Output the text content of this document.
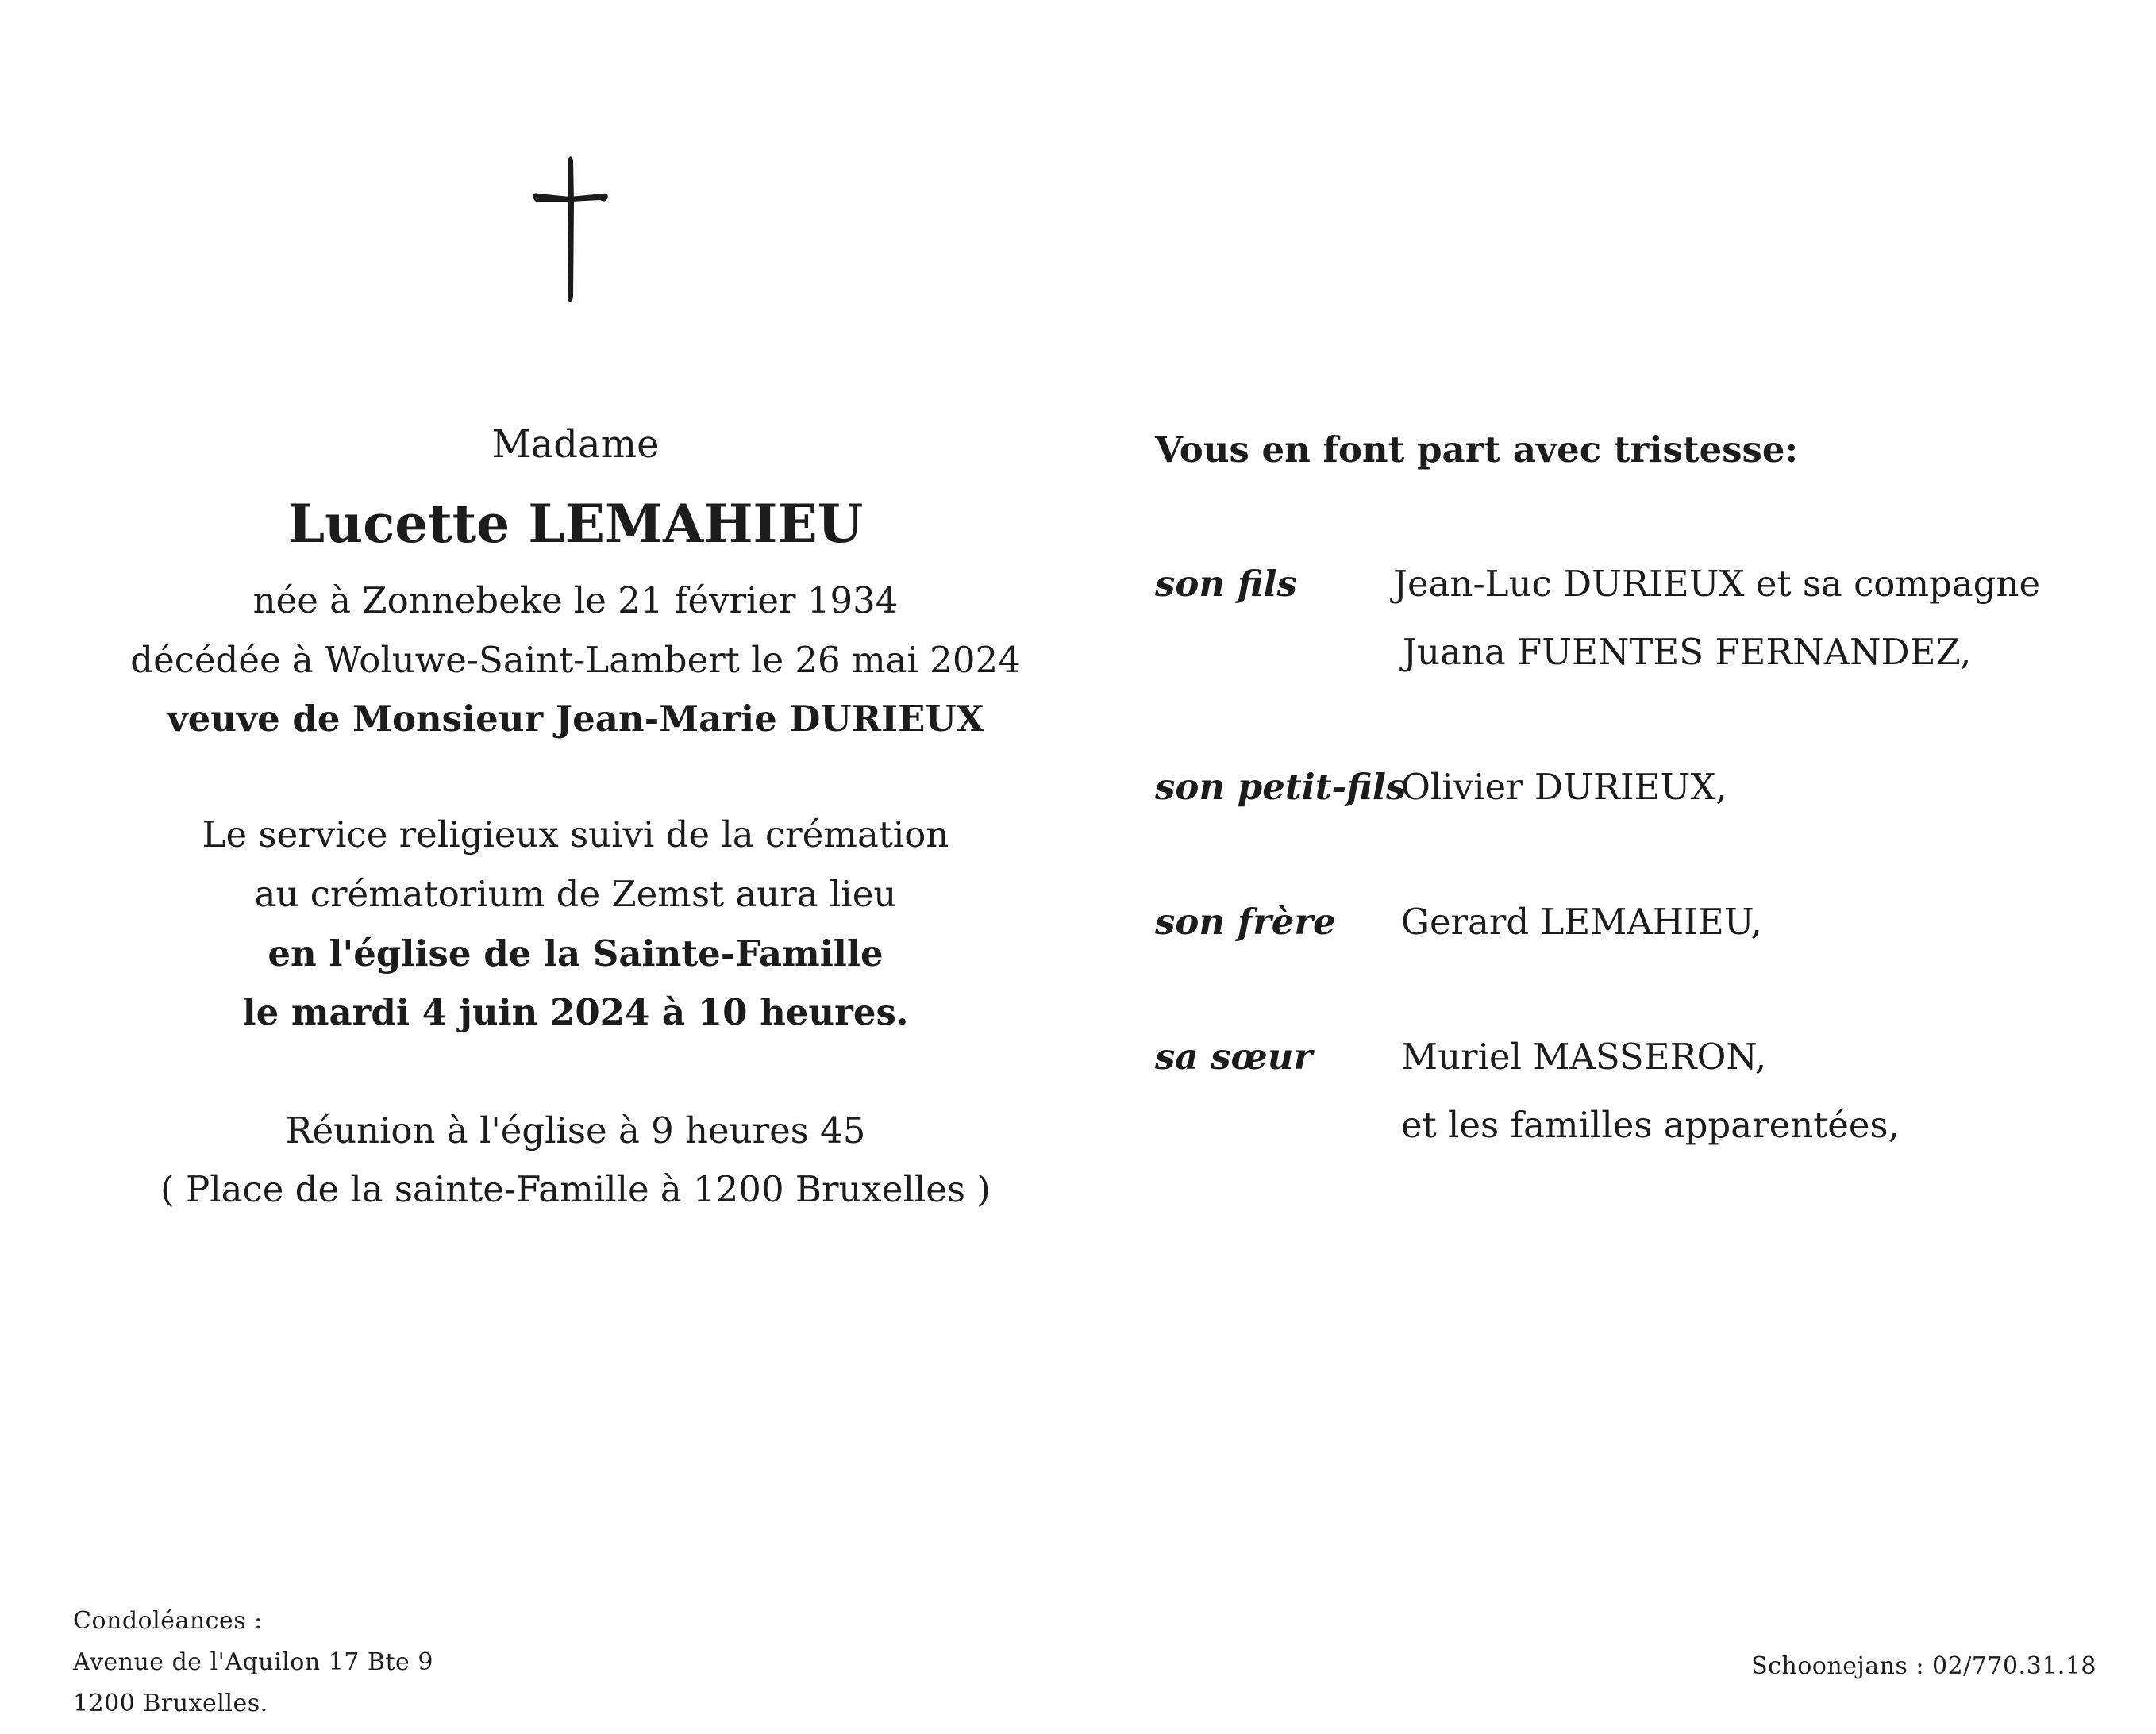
Madame
Lucette LEMAHIEU
née à Zonnebeke le 21 février 1934
décédée à Woluwe-Saint-Lambert le 26 mai 2024
veuve de Monsieur Jean-Marie DURIEUX
Le service religieux suivi de la crémation
au crématorium de Zemst aura lieu
en l'église de la Sainte-Famille
le mardi 4 juin 2024 à 10 heures.
Réunion à l'église à 9 heures 45
( Place de la sainte-Famille à 1200 Bruxelles )
Vous en font part avec tristesse:
son fils	Jean-Luc DURIEUX et sa compagne
Juana FUENTES FERNANDEZ,
son petit-fils
Olivier DURIEUX,
son frère Gerard LEMAHIEU,
sa sœur Muriel MASSERON,
et les familles apparentées,
Condoléances :
Avenue de l'Aquilon 17 Bte 9
1200 Bruxelles.
Schoonejans : 02/770.31.18
